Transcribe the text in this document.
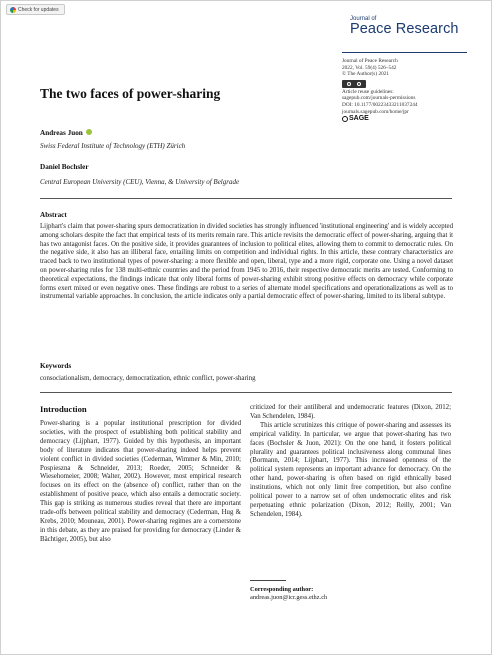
Check for updates
Journal of
Peace Research
Journal of Peace Research
2022, Vol. 59(4) 526–542
© The Author(s) 2021
Article reuse guidelines:
sagepub.com/journals-permissions
DOI: 10.1177/00223433211037244
journals.sagepub.com/home/jpr
SAGE
The two faces of power-sharing
Andreas Juon
Swiss Federal Institute of Technology (ETH) Zürich
Daniel Bochsler
Central European University (CEU), Vienna, & University of Belgrade
Abstract
Lijphart's claim that power-sharing spurs democratization in divided societies has strongly influenced 'institutional engineering' and is widely accepted among scholars despite the fact that empirical tests of its merits remain rare. This article revisits the democratic effect of power-sharing, arguing that it has two antagonist faces. On the positive side, it provides guarantees of inclusion to political elites, allowing them to commit to democratic rules. On the negative side, it also has an illiberal face, entailing limits on competition and individual rights. In this article, these contrary characteristics are traced back to two institutional types of power-sharing: a more flexible and open, liberal, type and a more rigid, corporate one. Using a novel dataset on power-sharing rules for 138 multi-ethnic countries and the period from 1945 to 2016, their respective democratic merits are tested. Conforming to theoretical expectations, the findings indicate that only liberal forms of power-sharing exhibit strong positive effects on democracy while corporate forms exert mixed or even negative ones. These findings are robust to a series of alternate model specifications and operationalizations as well as to instrumental variable approaches. In conclusion, the article indicates only a partial democratic effect of power-sharing, limited to its liberal subtype.
Keywords
consociationalism, democracy, democratization, ethnic conflict, power-sharing
Introduction

Power-sharing is a popular institutional prescription for divided societies, with the prospect of establishing both political stability and democracy (Lijphart, 1977). Guided by this hypothesis, an important body of literature indicates that power-sharing indeed helps prevent violent conflict in divided societies (Cederman, Wimmer & Min, 2010; Pospieszna & Schneider, 2013; Roeder, 2005; Schneider & Wiesehomeier, 2008; Walter, 2002). However, most empirical research focuses on its effect on the (absence of) conflict, rather than on the establishment of positive peace, which also entails a democratic society. This gap is striking as numerous studies reveal that there are important trade-offs between political stability and democracy (Cederman, Hug & Krebs, 2010; Mouneau, 2001). Power-sharing regimes are a cornerstone in this debate, as they are praised for providing for democracy (Linder & Bächtiger, 2005), but also

criticized for their antiliberal and undemocratic features (Dixon, 2012; Van Schendelen, 1984).

This article scrutinizes this critique of power-sharing and assesses its empirical validity. In particular, we argue that power-sharing has two faces (Bochsler & Juon, 2021): On the one hand, it fosters political plurality and guarantees political inclusiveness along communal lines (Bormann, 2014; Lijphart, 1977). This increased openness of the political system represents an important advance for democracy. On the other hand, power-sharing is often based on rigid ethnically based institutions, which not only limit free competition, but also confine political power to a narrow set of often undemocratic elites and risk perpetuating ethnic polarization (Dixon, 2012; Reilly, 2001; Van Schendelen, 1984).

Corresponding author:
andreas.juon@icr.gess.ethz.ch
